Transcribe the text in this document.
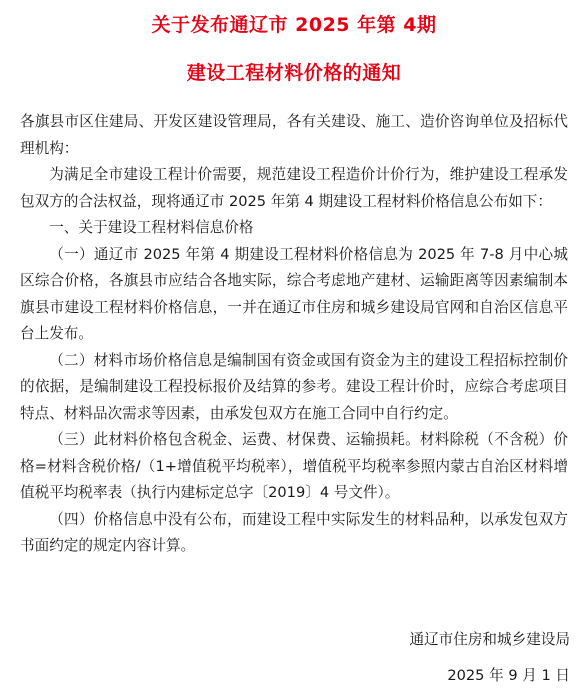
关于发布通辽市 2025 年第 4期
建设工程材料价格的通知

各旗县市区住建局、开发区建设管理局，各有关建设、施工、造价咨询单位及招标代理机构：

为满足全市建设工程计价需要，规范建设工程造价计价行为，维护建设工程承发包双方的合法权益，现将通辽市 2025 年第 4 期建设工程材料价格信息公布如下：

一、关于建设工程材料信息价格

（一）通辽市 2025 年第 4 期建设工程材料价格信息为 2025 年 7-8 月中心城区综合价格，各旗县市应结合各地实际，综合考虑地产建材、运输距离等因素编制本旗县市建设工程材料价格信息，一并在通辽市住房和城乡建设局官网和自治区信息平台上发布。

（二）材料市场价格信息是编制国有资金或国有资金为主的建设工程招标控制价的依据，是编制建设工程投标报价及结算的参考。建设工程计价时，应综合考虑项目特点、材料品次需求等因素，由承发包双方在施工合同中自行约定。

（三）此材料价格包含税金、运费、材保费、运输损耗。材料除税（不含税）价格=材料含税价格/（1+增值税平均税率），增值税平均税率参照内蒙古自治区材料增值税平均税率表（执行内建标定总字〔2019〕4 号文件）。

（四）价格信息中没有公布，而建设工程中实际发生的材料品种，以承发包双方书面约定的规定内容计算。

通辽市住房和城乡建设局
2025 年 9 月 1 日
